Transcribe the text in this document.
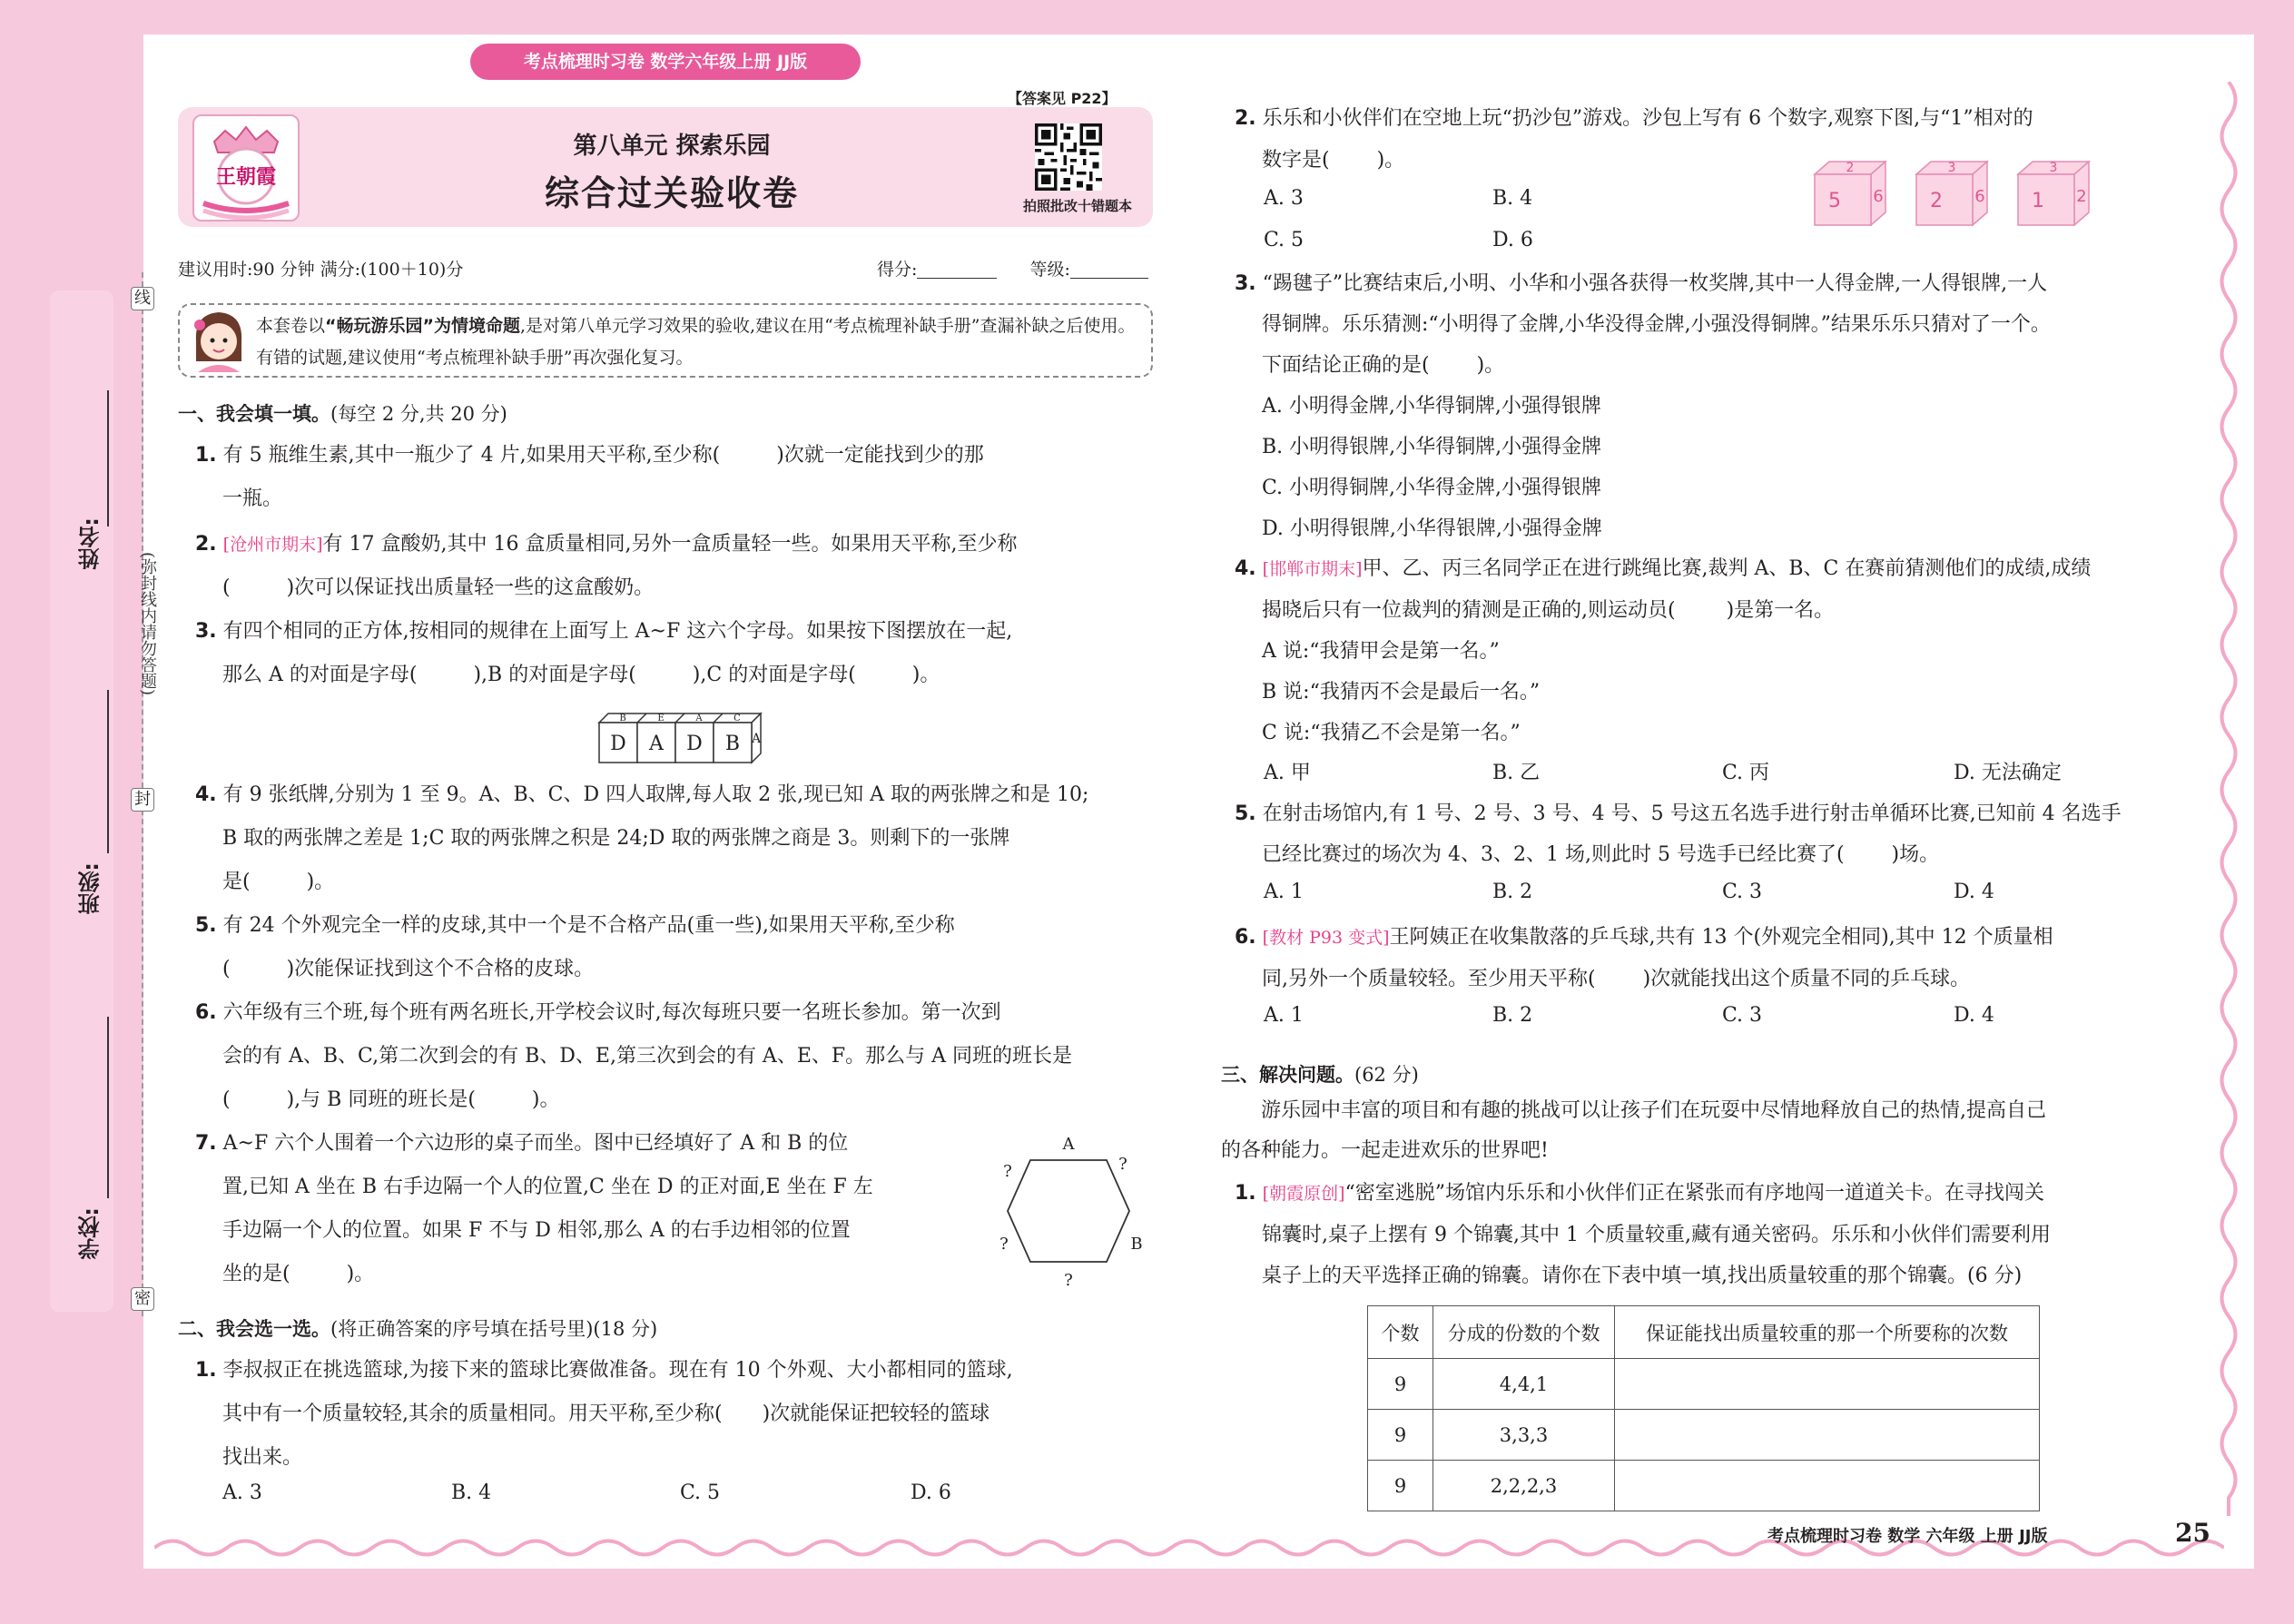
姓名:
班级:
学校:
线
封
密
(弥封线内请勿答题)
考点梳理时习卷 数学六年级上册 JJ版
王朝霞
第八单元 探索乐园
综合过关验收卷
【答案见 P22】
拍照批改十错题本
建议用时:90 分钟 满分:(100＋10)分	得分:	等级:
本套卷以“畅玩游乐园”为情境命题,是对第八单元学习效果的验收,建议在用“考点梳理补缺手册”查漏补缺之后使用。有错的试题,建议使用“考点梳理补缺手册”再次强化复习。
一、我会填一填。(每空 2 分,共 20 分)
1. 有 5 瓶维生素,其中一瓶少了 4 片,如果用天平称,至少称(	)次就一定能找到少的那
一瓶。
2. [沧州市期末]有 17 盒酸奶,其中 16 盒质量相同,另外一盒质量轻一些。如果用天平称,至少称
(	)次可以保证找出质量轻一些的这盒酸奶。
3. 有四个相同的正方体,按相同的规律在上面写上 A~F 这六个字母。如果按下图摆放在一起,
那么 A 的对面是字母(	),B 的对面是字母(	),C 的对面是字母(	)。
D A D B
B	E	A	C
A
4. 有 9 张纸牌,分别为 1 至 9。A、B、C、D 四人取牌,每人取 2 张,现已知 A 取的两张牌之和是 10;
B 取的两张牌之差是 1;C 取的两张牌之积是 24;D 取的两张牌之商是 3。则剩下的一张牌
是(	)。
5. 有 24 个外观完全一样的皮球,其中一个是不合格产品(重一些),如果用天平称,至少称
(	)次能保证找到这个不合格的皮球。
6. 六年级有三个班,每个班有两名班长,开学校会议时,每次每班只要一名班长参加。第一次到
会的有 A、B、C,第二次到会的有 B、D、E,第三次到会的有 A、E、F。那么与 A 同班的班长是
(	),与 B 同班的班长是(	)。
7. A~F 六个人围着一个六边形的桌子而坐。图中已经填好了 A 和 B 的位
置,已知 A 坐在 B 右手边隔一个人的位置,C 坐在 D 的正对面,E 坐在 F 左
手边隔一个人的位置。如果 F 不与 D 相邻,那么 A 的右手边相邻的位置
坐的是(	)。
A
?
B
?
?
?
二、我会选一选。(将正确答案的序号填在括号里)(18 分)
1. 李叔叔正在挑选篮球,为接下来的篮球比赛做准备。现在有 10 个外观、大小都相同的篮球,
其中有一个质量较轻,其余的质量相同。用天平称,至少称( )次就能保证把较轻的篮球
找出来。
A. 3	B. 4	C. 5	D. 6
2. 乐乐和小伙伴们在空地上玩“扔沙包”游戏。沙包上写有 6 个数字,观察下图,与“1”相对的
数字是( )。
A. 3	B. 4
C. 5	D. 6
2
5 6
3
2 6
3
1 2
3. “踢毽子”比赛结束后,小明、小华和小强各获得一枚奖牌,其中一人得金牌,一人得银牌,一人
得铜牌。乐乐猜测:“小明得了金牌,小华没得金牌,小强没得铜牌。”结果乐乐只猜对了一个。
下面结论正确的是( )。
A. 小明得金牌,小华得铜牌,小强得银牌
B. 小明得银牌,小华得铜牌,小强得金牌
C. 小明得铜牌,小华得金牌,小强得银牌
D. 小明得银牌,小华得银牌,小强得金牌
4. [邯郸市期末]甲、乙、丙三名同学正在进行跳绳比赛,裁判 A、B、C 在赛前猜测他们的成绩,成绩
揭晓后只有一位裁判的猜测是正确的,则运动员(	)是第一名。
A 说:“我猜甲会是第一名。”
B 说:“我猜丙不会是最后一名。”
C 说:“我猜乙不会是第一名。”
A. 甲	B. 乙	C. 丙	D. 无法确定
5. 在射击场馆内,有 1 号、2 号、3 号、4 号、5 号这五名选手进行射击单循环比赛,已知前 4 名选手
已经比赛过的场次为 4、3、2、1 场,则此时 5 号选手已经比赛了( )场。
A. 1	B. 2	C. 3	D. 4
6. [教材 P93 变式]王阿姨正在收集散落的乒乓球,共有 13 个(外观完全相同),其中 12 个质量相
同,另外一个质量较轻。至少用天平称( )次就能找出这个质量不同的乒乓球。
A. 1	B. 2	C. 3	D. 4
三、解决问题。(62 分)
游乐园中丰富的项目和有趣的挑战可以让孩子们在玩耍中尽情地释放自己的热情,提高自己
的各种能力。一起走进欢乐的世界吧!
1. [朝霞原创]“密室逃脱”场馆内乐乐和小伙伴们正在紧张而有序地闯一道道关卡。在寻找闯关
锦囊时,桌子上摆有 9 个锦囊,其中 1 个质量较重,藏有通关密码。乐乐和小伙伴们需要利用
桌子上的天平选择正确的锦囊。请你在下表中填一填,找出质量较重的那个锦囊。(6 分)
个数	分成的份数的个数	保证能找出质量较重的那一个所要称的次数
9	4,4,1	
9	3,3,3	
9	2,2,2,3	
考点梳理时习卷 数学 六年级 上册 JJ版	25
